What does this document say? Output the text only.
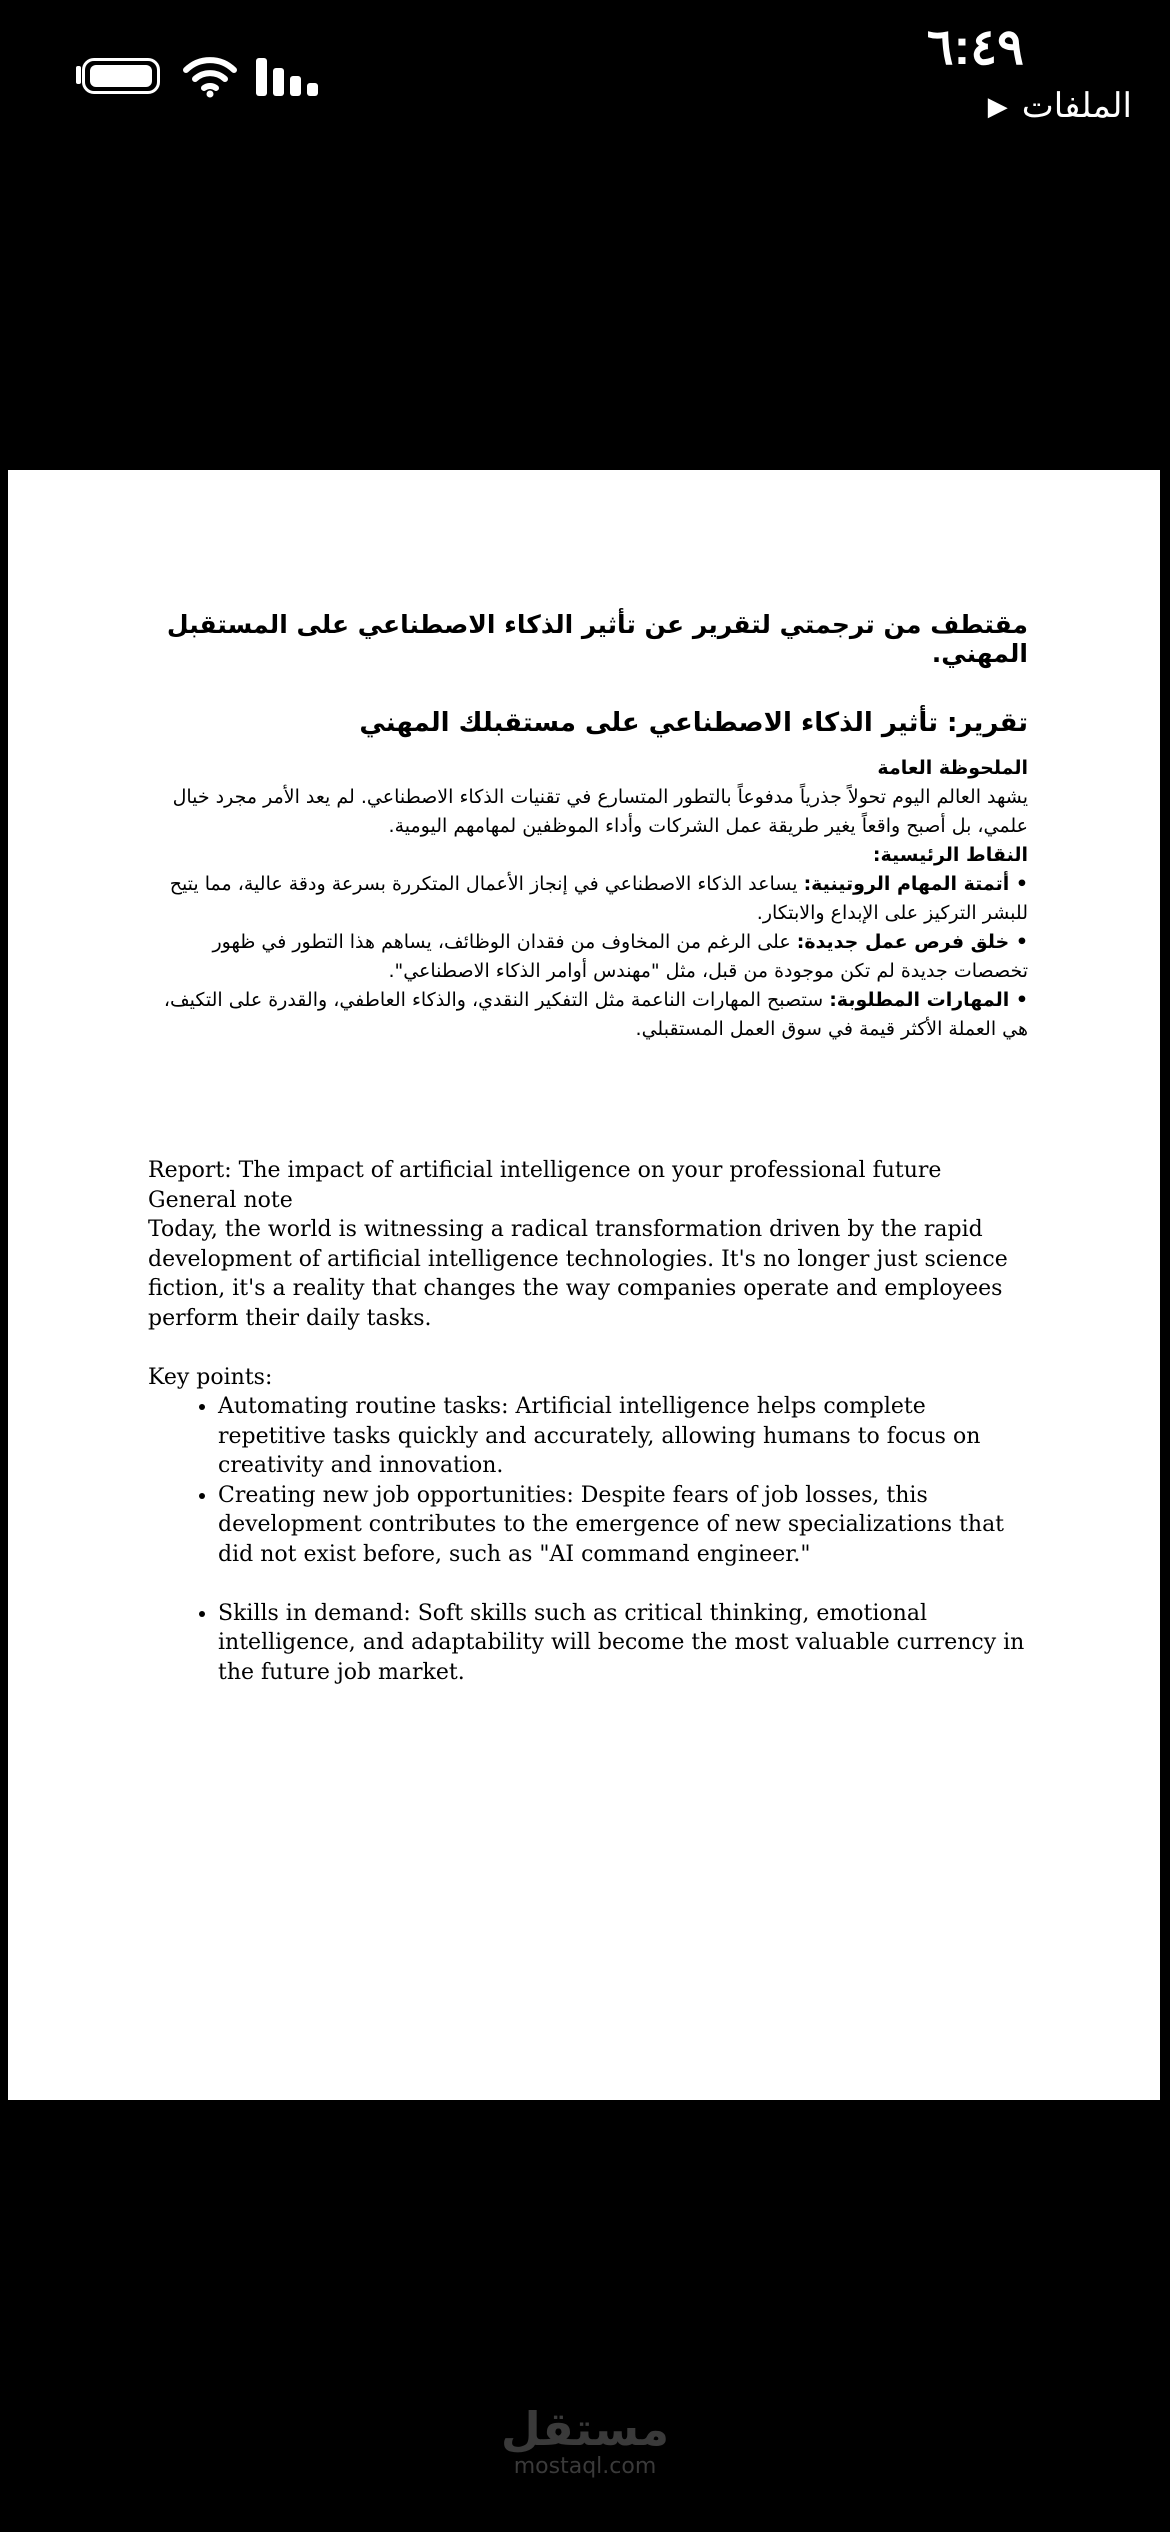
٦:٤٩
الملفات
▶
مقتطف من ترجمتي لتقرير عن تأثير الذكاء الاصطناعي على المستقبل المهني.
تقرير: تأثير الذكاء الاصطناعي على مستقبلك المهني

الملحوظة العامة

يشهد العالم اليوم تحولاً جذرياً مدفوعاً بالتطور المتسارع في تقنيات الذكاء الاصطناعي. لم يعد الأمر مجرد خيال علمي، بل أصبح واقعاً يغير طريقة عمل الشركات وأداء الموظفين لمهامهم اليومية.

النقاط الرئيسية:

• أتمتة المهام الروتينية: يساعد الذكاء الاصطناعي في إنجاز الأعمال المتكررة بسرعة ودقة عالية، مما يتيح للبشر التركيز على الإبداع والابتكار.

• خلق فرص عمل جديدة: على الرغم من المخاوف من فقدان الوظائف، يساهم هذا التطور في ظهور تخصصات جديدة لم تكن موجودة من قبل، مثل "مهندس أوامر الذكاء الاصطناعي".

• المهارات المطلوبة: ستصبح المهارات الناعمة مثل التفكير النقدي، والذكاء العاطفي، والقدرة على التكيف، هي العملة الأكثر قيمة في سوق العمل المستقبلي.

Report: The impact of artificial intelligence on your professional future

General note

Today, the world is witnessing a radical transformation driven by the rapid development of artificial intelligence technologies. It's no longer just science fiction, it's a reality that changes the way companies operate and employees perform their daily tasks.

Key points:

• Automating routine tasks: Artificial intelligence helps complete repetitive tasks quickly and accurately, allowing humans to focus on creativity and innovation.
• Creating new job opportunities: Despite fears of job losses, this development contributes to the emergence of new specializations that did not exist before, such as "AI command engineer."
• Skills in demand: Soft skills such as critical thinking, emotional intelligence, and adaptability will become the most valuable currency in the future job market.
مستقل
mostaql.com
